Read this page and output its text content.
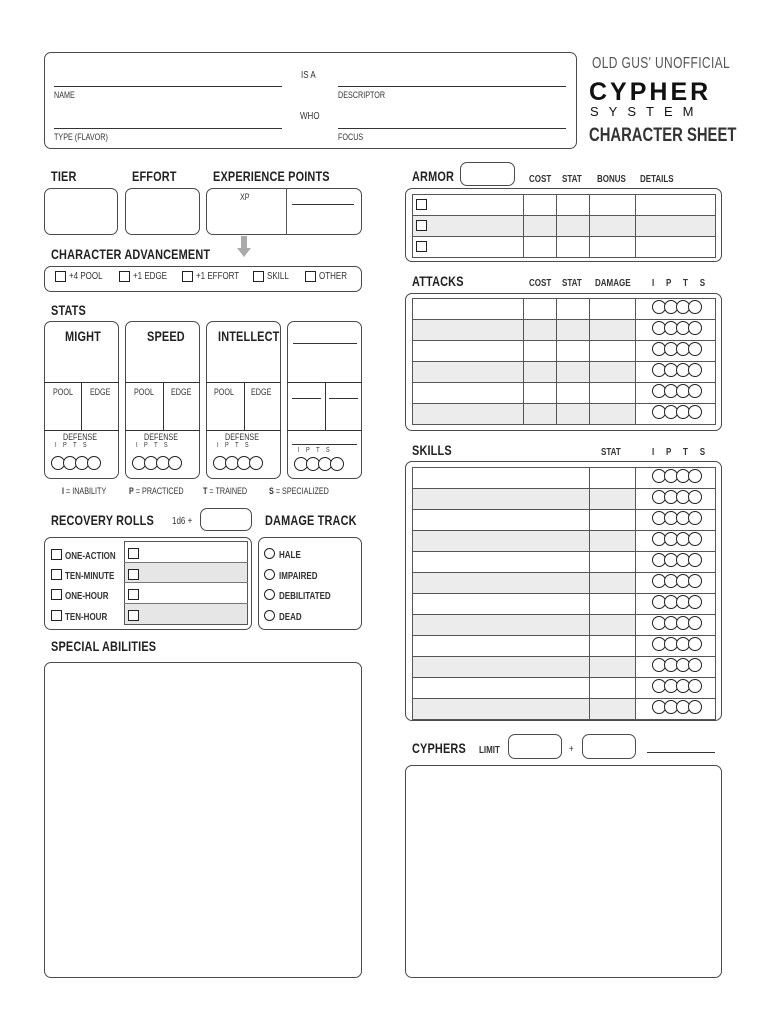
NAME
IS A
DESCRIPTOR
TYPE (FLAVOR)
WHO
FOCUS
OLD GUS' UNOFFICIAL
CYPHER
SYSTEM
CHARACTER SHEET
TIER	EFFORT	EXPERIENCE POINTS
XP
CHARACTER ADVANCEMENT
+4 POOL	+1 EDGE	+1 EFFORT	SKILL	OTHER
STATS
MIGHT
POOL EDGE
DEFENSE
IPTS
SPEED
POOL EDGE
DEFENSE
IPTS
INTELLECT
POOL EDGE
DEFENSE
IPTS
IPTS
I = INABILITY	P = PRACTICED T = TRAINED S = SPECIALIZED
RECOVERY ROLLS 1d6 +	DAMAGE TRACK
ONE-ACTION
TEN-MINUTE
ONE-HOUR
TEN-HOUR
HALE
IMPAIRED
DEBILITATED
DEAD
SPECIAL ABILITIES
ARMOR	COST STAT BONUS DETAILS

ATTACKS	COST STAT DAMAGE I P T S

SKILLS	STAT	I P T S

CYPHERS LIMIT	+
